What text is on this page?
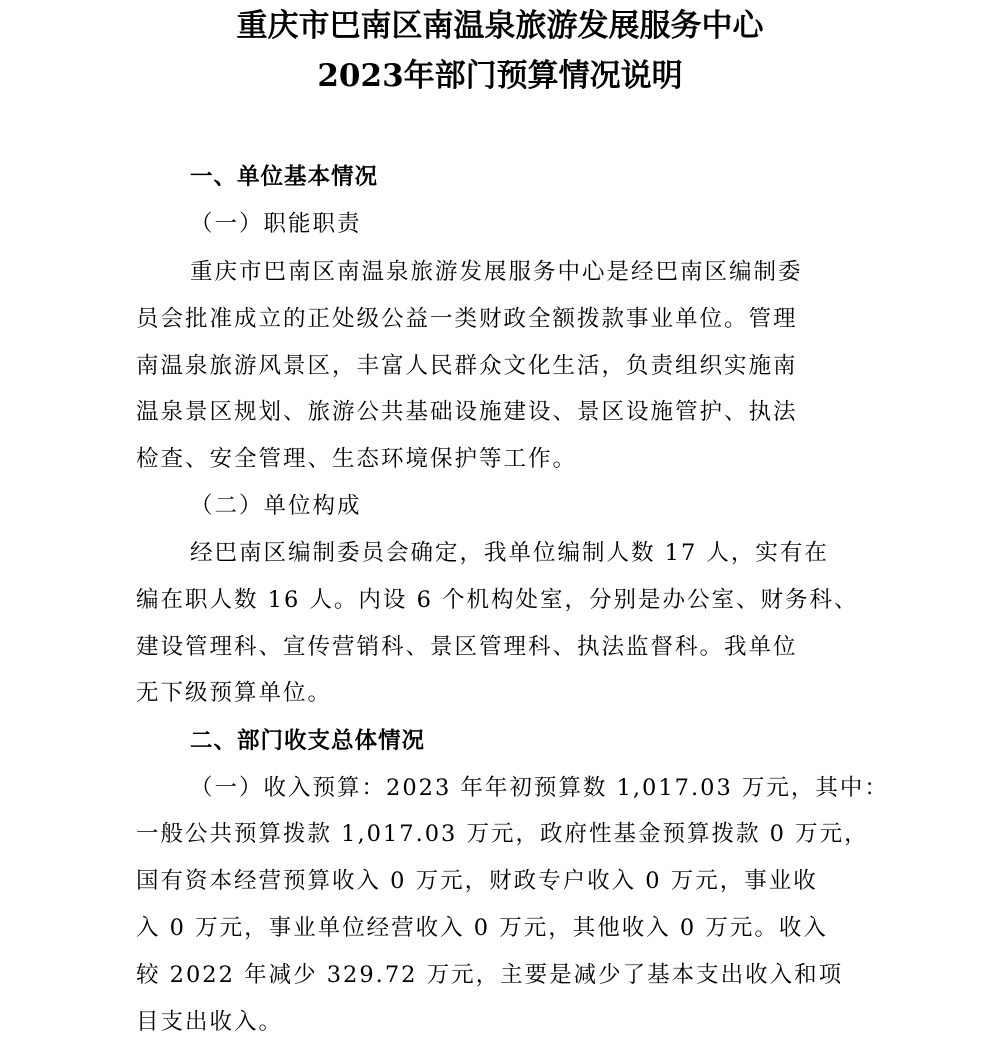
重庆市巴南区南温泉旅游发展服务中心
2023年部门预算情况说明
一、单位基本情况
（一）职能职责
重庆市巴南区南温泉旅游发展服务中心是经巴南区编制委
员会批准成立的正处级公益一类财政全额拨款事业单位。管理
南温泉旅游风景区，丰富人民群众文化生活，负责组织实施南
温泉景区规划、旅游公共基础设施建设、景区设施管护、执法
检查、安全管理、生态环境保护等工作。
（二）单位构成
经巴南区编制委员会确定，我单位编制人数 17 人，实有在
编在职人数 16 人。内设 6 个机构处室，分别是办公室、财务科、
建设管理科、宣传营销科、景区管理科、执法监督科。我单位
无下级预算单位。
二、部门收支总体情况
（一）收入预算：2023 年年初预算数 1,017.03 万元，其中：
一般公共预算拨款 1,017.03 万元，政府性基金预算拨款 0 万元，
国有资本经营预算收入 0 万元，财政专户收入 0 万元，事业收
入 0 万元，事业单位经营收入 0 万元，其他收入 0 万元。收入
较 2022 年减少 329.72 万元，主要是减少了基本支出收入和项
目支出收入。
